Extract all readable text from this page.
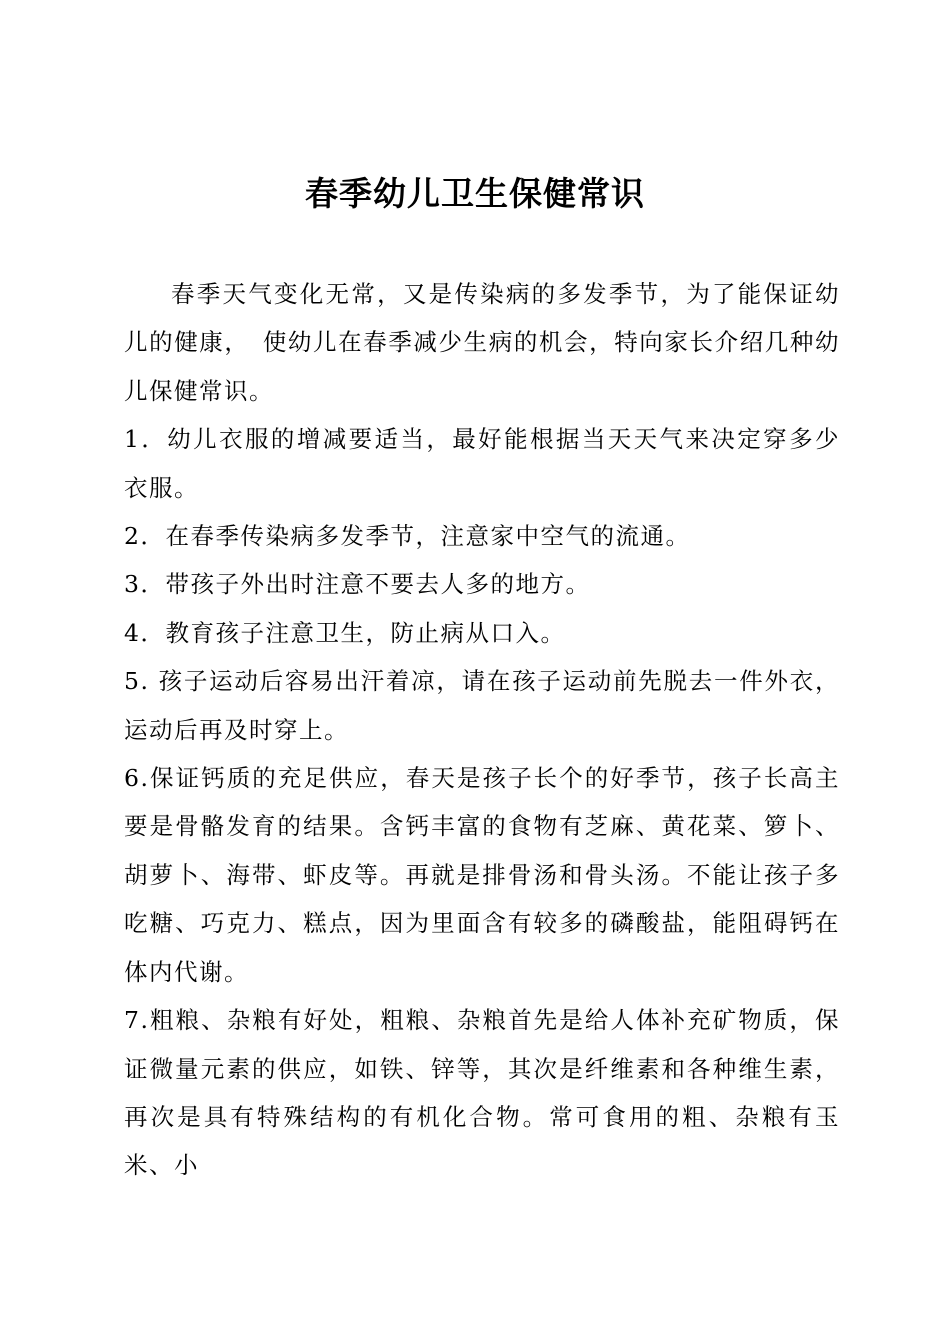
春季幼儿卫生保健常识

春季天气变化无常，又是传染病的多发季节，为了能保证幼儿的健康，　使幼儿在春季减少生病的机会，特向家长介绍几种幼儿保健常识。

1．幼儿衣服的增减要适当，最好能根据当天天气来决定穿多少衣服。

2．在春季传染病多发季节，注意家中空气的流通。

3．带孩子外出时注意不要去人多的地方。

4．教育孩子注意卫生，防止病从口入。

5. 孩子运动后容易出汗着凉，请在孩子运动前先脱去一件外衣，运动后再及时穿上。

6.保证钙质的充足供应，春天是孩子长个的好季节，孩子长高主要是骨骼发育的结果。含钙丰富的食物有芝麻、黄花菜、箩卜、胡萝卜、海带、虾皮等。再就是排骨汤和骨头汤。不能让孩子多吃糖、巧克力、糕点，因为里面含有较多的磷酸盐，能阻碍钙在体内代谢。

7.粗粮、杂粮有好处，粗粮、杂粮首先是给人体补充矿物质，保证微量元素的供应，如铁、锌等，其次是纤维素和各种维生素，再次是具有特殊结构的有机化合物。常可食用的粗、杂粮有玉米、小
